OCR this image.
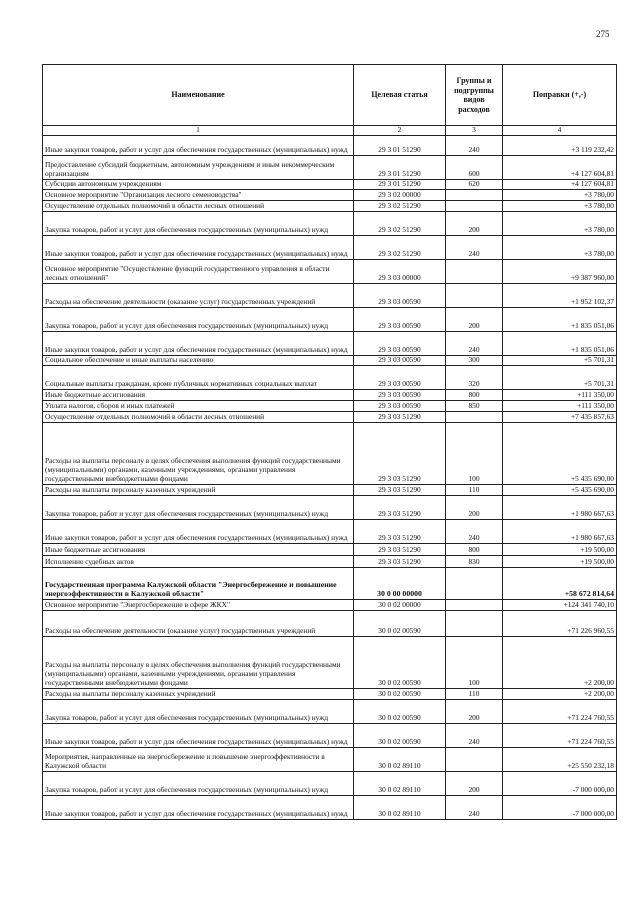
275
Наименование	Целевая статья	Группы и подгруппы видов расходов	Поправки (+,-)
1	2	3	4
Иные закупки товаров, работ и услуг для обеспечения государственных (муниципальных) нужд	29 3 01 51290	240	+3 119 232,42
Предоставление субсидий бюджетным, автономным учреждениям и иным некоммерческим организациям	29 3 01 51290	600	+4 127 604,81
Субсидии автономным учреждениям	29 3 01 51290	620	+4 127 604,81
Основное мероприятие "Организация лесного семеноводства"	29 3 02 00000		+3 780,00
Осуществление отдельных полномочий в области лесных отношений	29 3 02 51290		+3 780,00
Закупка товаров, работ и услуг для обеспечения государственных (муниципальных) нужд	29 3 02 51290	200	+3 780,00
Иные закупки товаров, работ и услуг для обеспечения государственных (муниципальных) нужд	29 3 02 51290	240	+3 780,00
Основное мероприятие "Осуществление функций государственного управления в области лесных отношений"	29 3 03 00000		+9 387 960,00
Расходы на обеспечение деятельности (оказание услуг) государственных учреждений	29 3 03 00590		+1 952 102,37
Закупка товаров, работ и услуг для обеспечения государственных (муниципальных) нужд	29 3 03 00590	200	+1 835 051,06
Иные закупки товаров, работ и услуг для обеспечения государственных (муниципальных) нужд	29 3 03 00590	240	+1 835 051,06
Социальное обеспечение и иные выплаты населению	29 3 03 00590	300	+5 701,31
Социальные выплаты гражданам, кроме публичных нормативных социальных выплат	29 3 03 00590	320	+5 701,31
Иные бюджетные ассигнования	29 3 03 00590	800	+111 350,00
Уплата налогов, сборов и иных платежей	29 3 03 00590	850	+111 350,00
Осуществление отдельных полномочий в области лесных отношений	29 3 03 51290		+7 435 857,63
Расходы на выплаты персоналу в целях обеспечения выполнения функций государственными (муниципальными) органами, казенными учреждениями, органами управления государственными внебюджетными фондами	29 3 03 51290	100	+5 435 690,00
Расходы на выплаты персоналу казенных учреждений	29 3 03 51290	110	+5 435 690,00
Закупка товаров, работ и услуг для обеспечения государственных (муниципальных) нужд	29 3 03 51290	200	+1 980 667,63
Иные закупки товаров, работ и услуг для обеспечения государственных (муниципальных) нужд	29 3 03 51290	240	+1 980 667,63
Иные бюджетные ассигнования	29 3 03 51290	800	+19 500,00
Исполнение судебных актов	29 3 03 51290	830	+19 500,00
Государственная программа Калужской области "Энергосбережение и повышение энергоэффективности в Калужской области"	30 0 00 00000		+58 672 814,64
Основное мероприятие "Энергосбережение в сфере ЖКХ"	30 0 02 00000		+124 341 740,10
Расходы на обеспечение деятельности (оказание услуг) государственных учреждений	30 0 02 00590		+71 226 960,55
Расходы на выплаты персоналу в целях обеспечения выполнения функций государственными (муниципальными) органами, казенными учреждениями, органами управления государственными внебюджетными фондами	30 0 02 00590	100	+2 200,00
Расходы на выплаты персоналу казенных учреждений	30 0 02 00590	110	+2 200,00
Закупка товаров, работ и услуг для обеспечения государственных (муниципальных) нужд	30 0 02 00590	200	+71 224 760,55
Иные закупки товаров, работ и услуг для обеспечения государственных (муниципальных) нужд	30 0 02 00590	240	+71 224 760,55
Мероприятия, направленные на энергосбережение и повышение энергоэффективности в Калужской области	30 0 02 89110		+25 550 232,18
Закупка товаров, работ и услуг для обеспечения государственных (муниципальных) нужд	30 0 02 89110	200	-7 000 000,00
Иные закупки товаров, работ и услуг для обеспечения государственных (муниципальных) нужд	30 0 02 89110	240	-7 000 000,00
